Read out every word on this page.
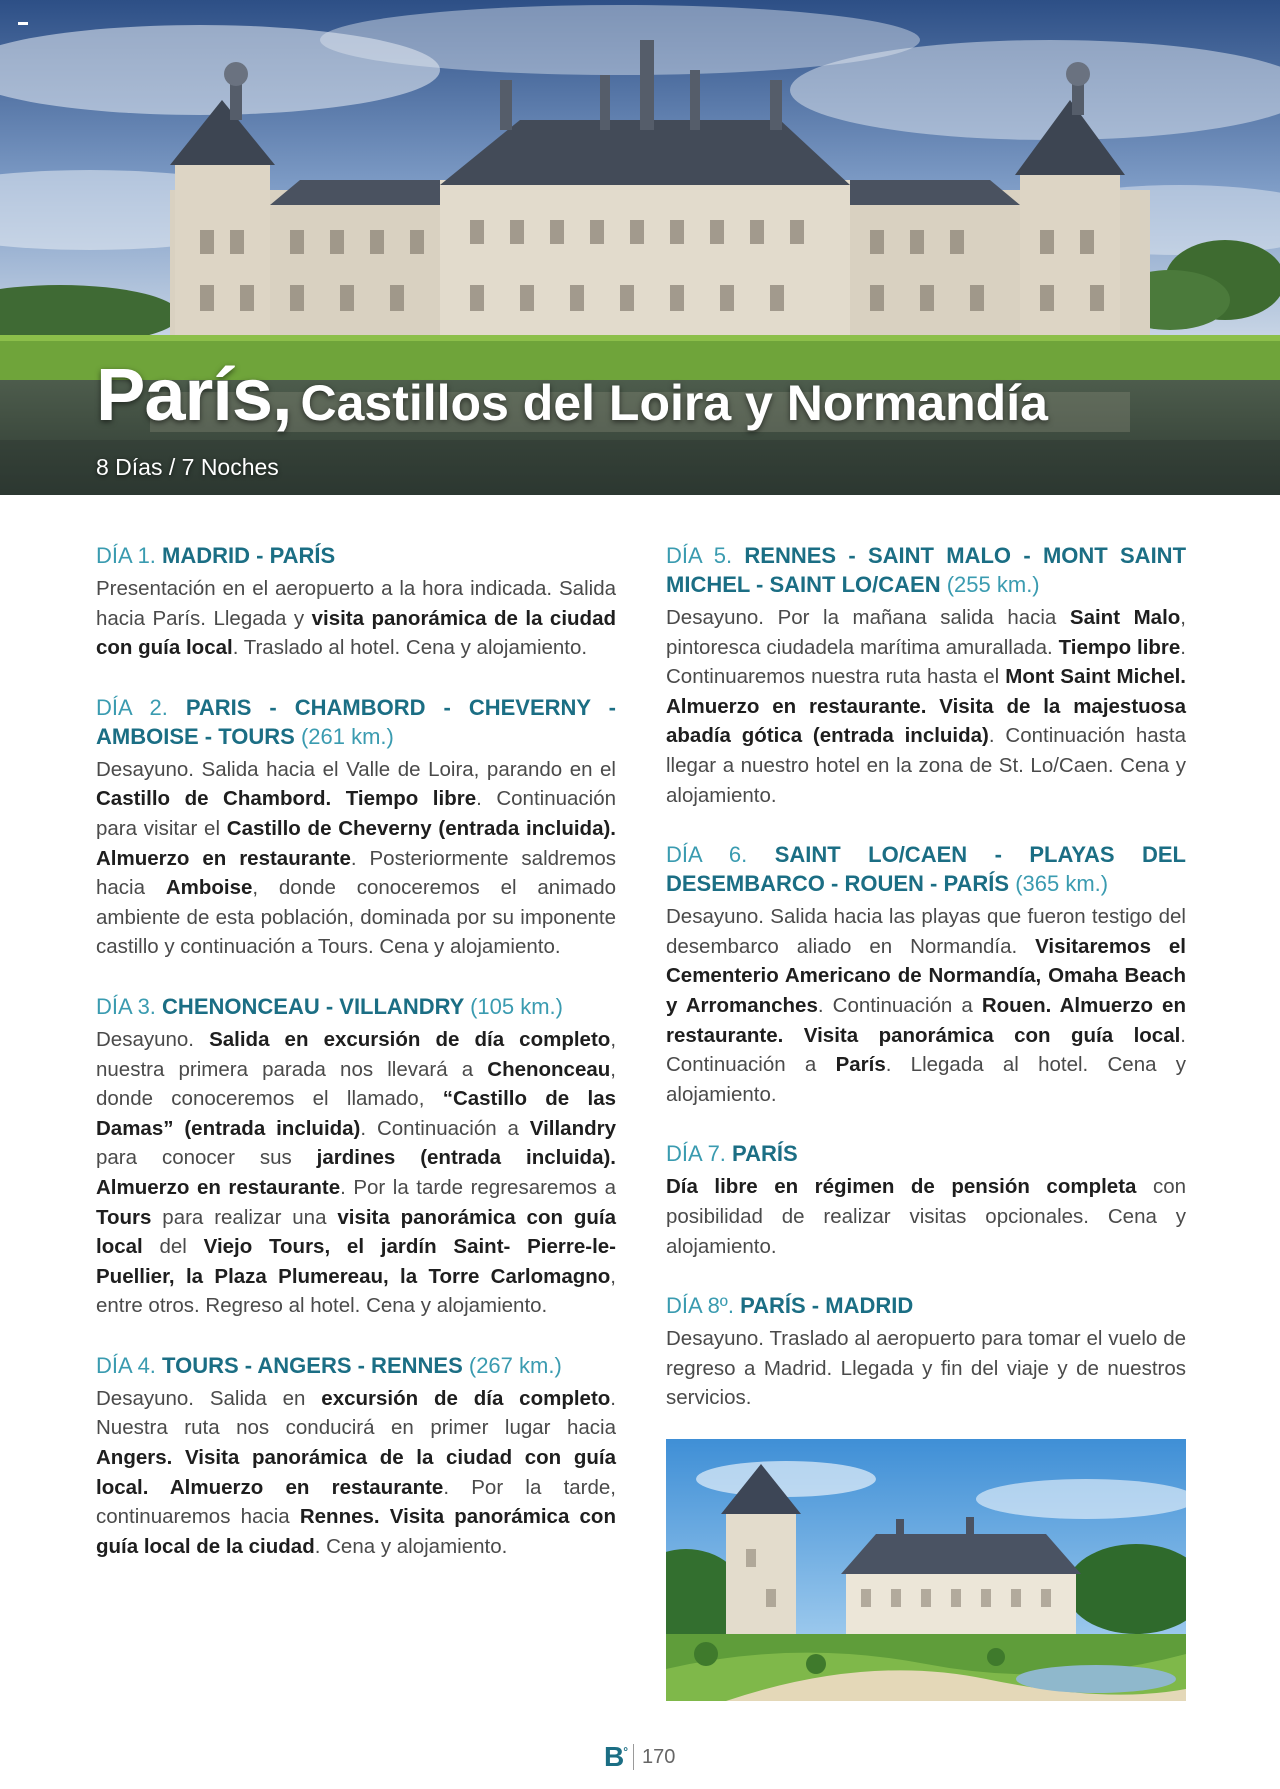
París, Castillos del Loira y Normandía
8 Días / 7 Noches
DÍA 1. MADRID - PARÍS

Presentación en el aeropuerto a la hora indicada. Salida hacia París. Llegada y visita panorámica de la ciudad con guía local. Traslado al hotel. Cena y alojamiento.

DÍA 2. PARIS - CHAMBORD - CHEVERNY - AMBOISE - TOURS (261 km.)

Desayuno. Salida hacia el Valle de Loira, parando en el Castillo de Chambord. Tiempo libre. Continuación para visitar el Castillo de Cheverny (entrada incluida). Almuerzo en restaurante. Posteriormente saldremos hacia Amboise, donde conoceremos el animado ambiente de esta población, dominada por su imponente castillo y continuación a Tours. Cena y alojamiento.

DÍA 3. CHENONCEAU - VILLANDRY (105 km.)

Desayuno. Salida en excursión de día completo, nuestra primera parada nos llevará a Chenonceau, donde conoceremos el llamado, “Castillo de las Damas” (entrada incluida). Continuación a Villandry para conocer sus jardines (entrada incluida). Almuerzo en restaurante. Por la tarde regresaremos a Tours para realizar una visita panorámica con guía local del Viejo Tours, el jardín Saint- Pierre-le-Puellier, la Plaza Plumereau, la Torre Carlomagno, entre otros. Regreso al hotel. Cena y alojamiento.

DÍA 4. TOURS - ANGERS - RENNES (267 km.)

Desayuno. Salida en excursión de día completo. Nuestra ruta nos conducirá en primer lugar hacia Angers. Visita panorámica de la ciudad con guía local. Almuerzo en restaurante. Por la tarde, continuaremos hacia Rennes. Visita panorámica con guía local de la ciudad. Cena y alojamiento.

DÍA 5. RENNES - SAINT MALO - MONT SAINT MICHEL - SAINT LO/CAEN (255 km.)

Desayuno. Por la mañana salida hacia Saint Malo, pintoresca ciudadela marítima amurallada. Tiempo libre. Continuaremos nuestra ruta hasta el Mont Saint Michel. Almuerzo en restaurante. Visita de la majestuosa abadía gótica (entrada incluida). Continuación hasta llegar a nuestro hotel en la zona de St. Lo/Caen. Cena y alojamiento.

DÍA 6. SAINT LO/CAEN - PLAYAS DEL DESEMBARCO - ROUEN - PARÍS (365 km.)

Desayuno. Salida hacia las playas que fueron testigo del desembarco aliado en Normandía. Visitaremos el Cementerio Americano de Normandía, Omaha Beach y Arromanches. Continuación a Rouen. Almuerzo en restaurante. Visita panorámica con guía local. Continuación a París. Llegada al hotel. Cena y alojamiento.

DÍA 7. PARÍS

Día libre en régimen de pensión completa con posibilidad de realizar visitas opcionales. Cena y alojamiento.

DÍA 8º. PARÍS - MADRID

Desayuno. Traslado al aeropuerto para tomar el vuelo de regreso a Madrid. Llegada y fin del viaje y de nuestros servicios.

B° 170
